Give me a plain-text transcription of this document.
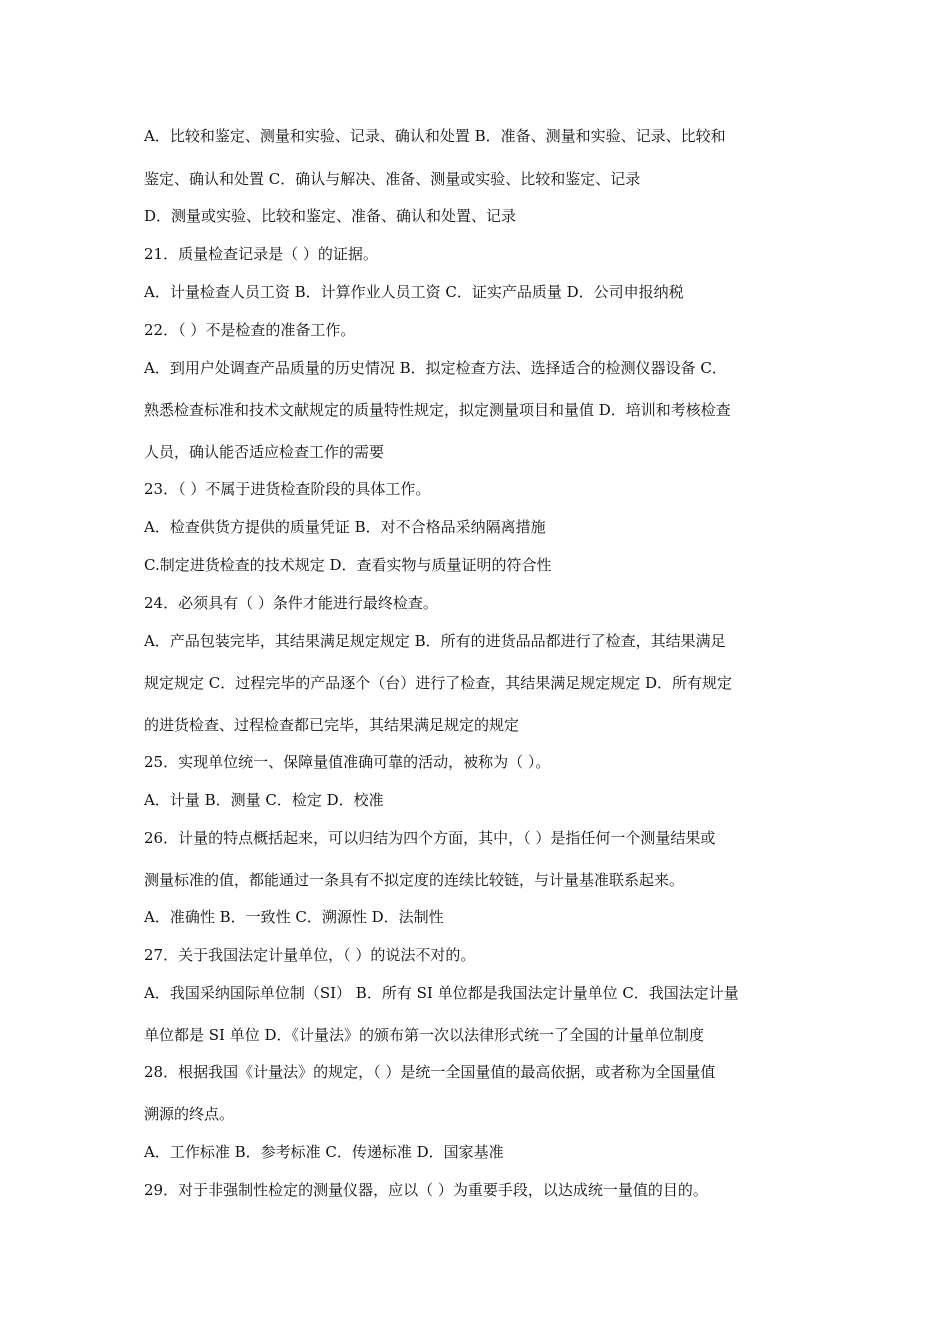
A．比较和鉴定、测量和实验、记录、确认和处置 B．准备、测量和实验、记录、比较和
鉴定、确认和处置 C．确认与解决、准备、测量或实验、比较和鉴定、记录
D．测量或实验、比较和鉴定、准备、确认和处置、记录
21．质量检查记录是（ ）的证据。
A．计量检查人员工资 B．计算作业人员工资 C．证实产品质量 D．公司申报纳税
22．（ ）不是检查的准备工作。
A．到用户处调查产品质量的历史情况 B．拟定检查方法、选择适合的检测仪器设备 C．
熟悉检查标准和技术文献规定的质量特性规定，拟定测量项目和量值 D．培训和考核检查
人员，确认能否适应检查工作的需要
23．（ ）不属于进货检查阶段的具体工作。
A．检查供货方提供的质量凭证 B．对不合格品采纳隔离措施
C.制定进货检查的技术规定 D．查看实物与质量证明的符合性
24．必须具有（ ）条件才能进行最终检查。
A．产品包装完毕，其结果满足规定规定 B．所有的进货品品都进行了检查，其结果满足
规定规定 C．过程完毕的产品逐个（台）进行了检查，其结果满足规定规定 D．所有规定
的进货检查、过程检查都已完毕，其结果满足规定的规定
25．实现单位统一、保障量值准确可靠的活动，被称为（ ）。
A．计量 B．测量 C．检定 D．校准
26．计量的特点概括起来，可以归结为四个方面，其中，（ ）是指任何一个测量结果或
测量标准的值，都能通过一条具有不拟定度的连续比较链，与计量基准联系起来。
A．准确性 B．一致性 C．溯源性 D．法制性
27．关于我国法定计量单位，（ ）的说法不对的。
A．我国采纳国际单位制（SI） B．所有 SI 单位都是我国法定计量单位 C．我国法定计量
单位都是 SI 单位 D．《计量法》的颁布第一次以法律形式统一了全国的计量单位制度
28．根据我国《计量法》的规定，（ ）是统一全国量值的最高依据，或者称为全国量值
溯源的终点。
A．工作标准 B．参考标准 C．传递标准 D．国家基准
29．对于非强制性检定的测量仪器，应以（ ）为重要手段，以达成统一量值的目的。
